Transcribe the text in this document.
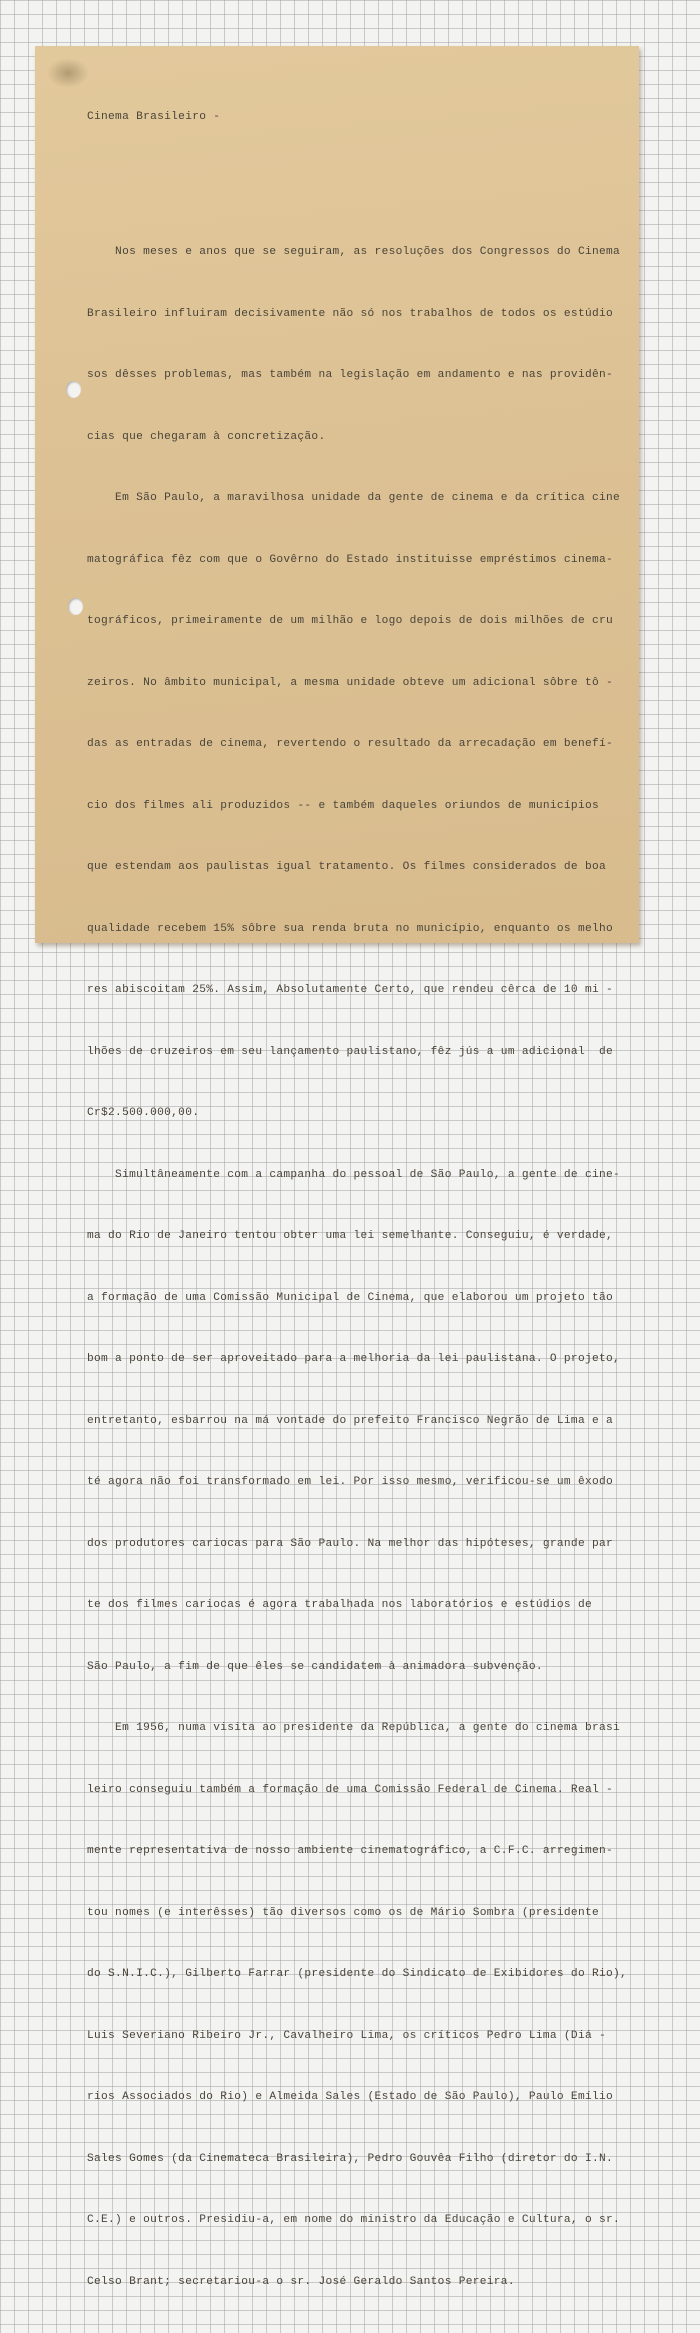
Cinema Brasileiro -

Nos meses e anos que se seguiram, as resoluções dos Congressos do Cinema

Brasileiro influiram decisivamente não só nos trabalhos de todos os estúdio

sos dêsses problemas, mas também na legislação em andamento e nas providên-

cias que chegaram à concretização.

Em São Paulo, a maravilhosa unidade da gente de cinema e da crítica cine

matográfica fêz com que o Govêrno do Estado instituisse empréstimos cinema-

tográficos, primeiramente de um milhão e logo depois de dois milhões de cru

zeiros. No âmbito municipal, a mesma unidade obteve um adicional sôbre tô -

das as entradas de cinema, revertendo o resultado da arrecadação em benefí-

cio dos filmes ali produzidos -- e também daqueles oriundos de municípios

que estendam aos paulistas igual tratamento. Os filmes considerados de boa

qualidade recebem 15% sôbre sua renda bruta no município, enquanto os melho

res abiscoitam 25%. Assim, Absolutamente Certo, que rendeu cêrca de 10 mi -

lhões de cruzeiros em seu lançamento paulistano, fêz jús a um adicional  de

Cr$2.500.000,00.

Simultâneamente com a campanha do pessoal de São Paulo, a gente de cine-

ma do Rio de Janeiro tentou obter uma lei semelhante. Conseguiu, é verdade,

a formação de uma Comissão Municipal de Cinema, que elaborou um projeto tão

bom a ponto de ser aproveitado para a melhoria da lei paulistana. O projeto,

entretanto, esbarrou na má vontade do prefeito Francisco Negrão de Lima e a

té agora não foi transformado em lei. Por isso mesmo, verificou-se um êxodo

dos produtores cariocas para São Paulo. Na melhor das hipóteses, grande par

te dos filmes cariocas é agora trabalhada nos laboratórios e estúdios de

São Paulo, a fim de que êles se candidatem à animadora subvenção.

Em 1956, numa visita ao presidente da República, a gente do cinema brasi

leiro conseguiu também a formação de uma Comissão Federal de Cinema. Real -

mente representativa de nosso ambiente cinematográfico, a C.F.C. arregimen-

tou nomes (e interêsses) tão diversos como os de Mário Sombra (presidente

do S.N.I.C.), Gilberto Farrar (presidente do Sindicato de Exibidores do Rio),

Luis Severiano Ribeiro Jr., Cavalheiro Lima, os críticos Pedro Lima (Diá -

rios Associados do Rio) e Almeida Sales (Estado de São Paulo), Paulo Emílio

Sales Gomes (da Cinemateca Brasileira), Pedro Gouvêa Filho (diretor do I.N.

C.E.) e outros. Presidiu-a, em nome do ministro da Educação e Cultura, o sr.

Celso Brant; secretariou-a o sr. José Geraldo Santos Pereira.
